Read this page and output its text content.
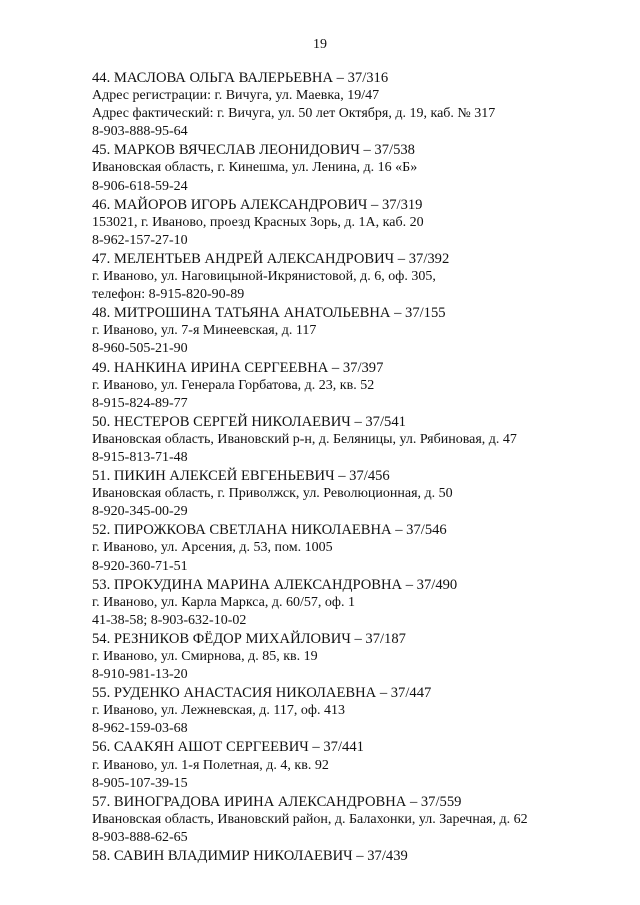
19
44. МАСЛОВА ОЛЬГА ВАЛЕРЬЕВНА – 37/316
Адрес регистрации: г. Вичуга, ул. Маевка, 19/47
Адрес фактический: г. Вичуга, ул. 50 лет Октября, д. 19, каб. № 317
8-903-888-95-64
45. МАРКОВ ВЯЧЕСЛАВ ЛЕОНИДОВИЧ – 37/538
Ивановская область, г. Кинешма, ул. Ленина, д. 16 «Б»
8-906-618-59-24
46. МАЙОРОВ ИГОРЬ АЛЕКСАНДРОВИЧ – 37/319
153021, г. Иваново, проезд Красных Зорь, д. 1А, каб. 20
8-962-157-27-10
47. МЕЛЕНТЬЕВ АНДРЕЙ АЛЕКСАНДРОВИЧ – 37/392
г. Иваново, ул. Наговицыной-Икрянистовой, д. 6, оф. 305,
телефон: 8-915-820-90-89
48. МИТРОШИНА ТАТЬЯНА АНАТОЛЬЕВНА – 37/155
г. Иваново, ул. 7-я Минеевская, д. 117
8-960-505-21-90
49. НАНКИНА ИРИНА СЕРГЕЕВНА – 37/397
г. Иваново, ул. Генерала Горбатова, д. 23, кв. 52
8-915-824-89-77
50. НЕСТЕРОВ СЕРГЕЙ НИКОЛАЕВИЧ – 37/541
Ивановская область, Ивановский р-н, д. Беляницы, ул. Рябиновая, д. 47
8-915-813-71-48
51. ПИКИН АЛЕКСЕЙ ЕВГЕНЬЕВИЧ – 37/456
Ивановская область, г. Приволжск, ул. Революционная, д. 50
8-920-345-00-29
52. ПИРОЖКОВА СВЕТЛАНА НИКОЛАЕВНА – 37/546
г. Иваново, ул. Арсения, д. 53, пом. 1005
8-920-360-71-51
53. ПРОКУДИНА МАРИНА АЛЕКСАНДРОВНА – 37/490
г. Иваново, ул. Карла Маркса, д. 60/57, оф. 1
41-38-58; 8-903-632-10-02
54. РЕЗНИКОВ ФЁДОР МИХАЙЛОВИЧ – 37/187
г. Иваново, ул. Смирнова, д. 85, кв. 19
8-910-981-13-20
55. РУДЕНКО АНАСТАСИЯ НИКОЛАЕВНА – 37/447
г. Иваново, ул. Лежневская, д. 117, оф. 413
8-962-159-03-68
56. СААКЯН АШОТ СЕРГЕЕВИЧ – 37/441
г. Иваново, ул. 1-я Полетная, д. 4, кв. 92
8-905-107-39-15
57. ВИНОГРАДОВА ИРИНА АЛЕКСАНДРОВНА – 37/559
Ивановская область, Ивановский район, д. Балахонки, ул. Заречная, д. 62
8-903-888-62-65
58. САВИН ВЛАДИМИР НИКОЛАЕВИЧ – 37/439
